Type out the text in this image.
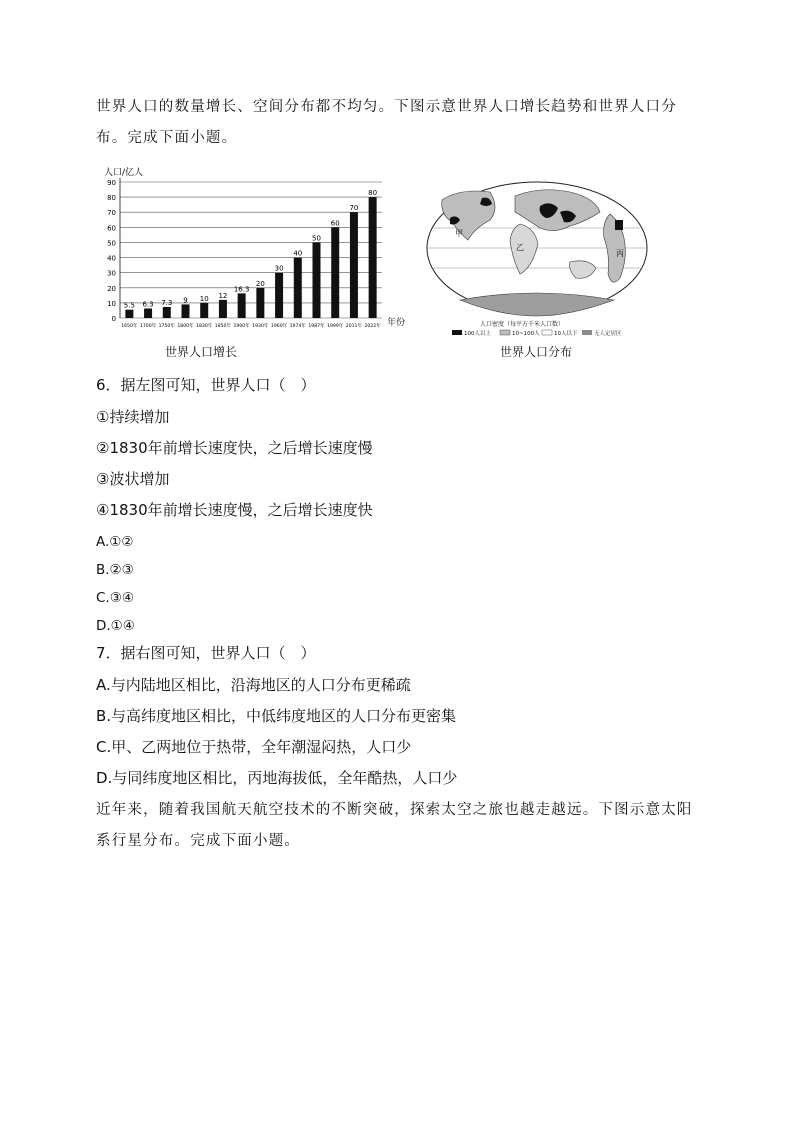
世界人口的数量增长、空间分布都不均匀。下图示意世界人口增长趋势和世界人口分
布。完成下面小题。
人口/亿人
年份
0
10
20
30
40
50
60
70
80
90
5.5 6.3 7.3 9 10 12
16.3
20
30
40
50
60
70
80
1650年 1700年 1750年 1800年 1830年 1850年 1900年 1930年 1960年 1974年 1987年 1999年 2011年 2022年
世界人口增长
甲
乙
丙
人口密度（每平方千米人口数）
100人以上	10~100人	10人以下	无人定居区
世界人口分布
6．据左图可知，世界人口（　）
①持续增加
②1830年前增长速度快，之后增长速度慢
③波状增加
④1830年前增长速度慢，之后增长速度快
A.①②
B.②③
C.③④
D.①④
7．据右图可知，世界人口（　）
A.与内陆地区相比，沿海地区的人口分布更稀疏
B.与高纬度地区相比，中低纬度地区的人口分布更密集
C.甲、乙两地位于热带，全年潮湿闷热，人口少
D.与同纬度地区相比，丙地海拔低，全年酷热，人口少
近年来，随着我国航天航空技术的不断突破，探索太空之旅也越走越远。下图示意太阳
系行星分布。完成下面小题。
